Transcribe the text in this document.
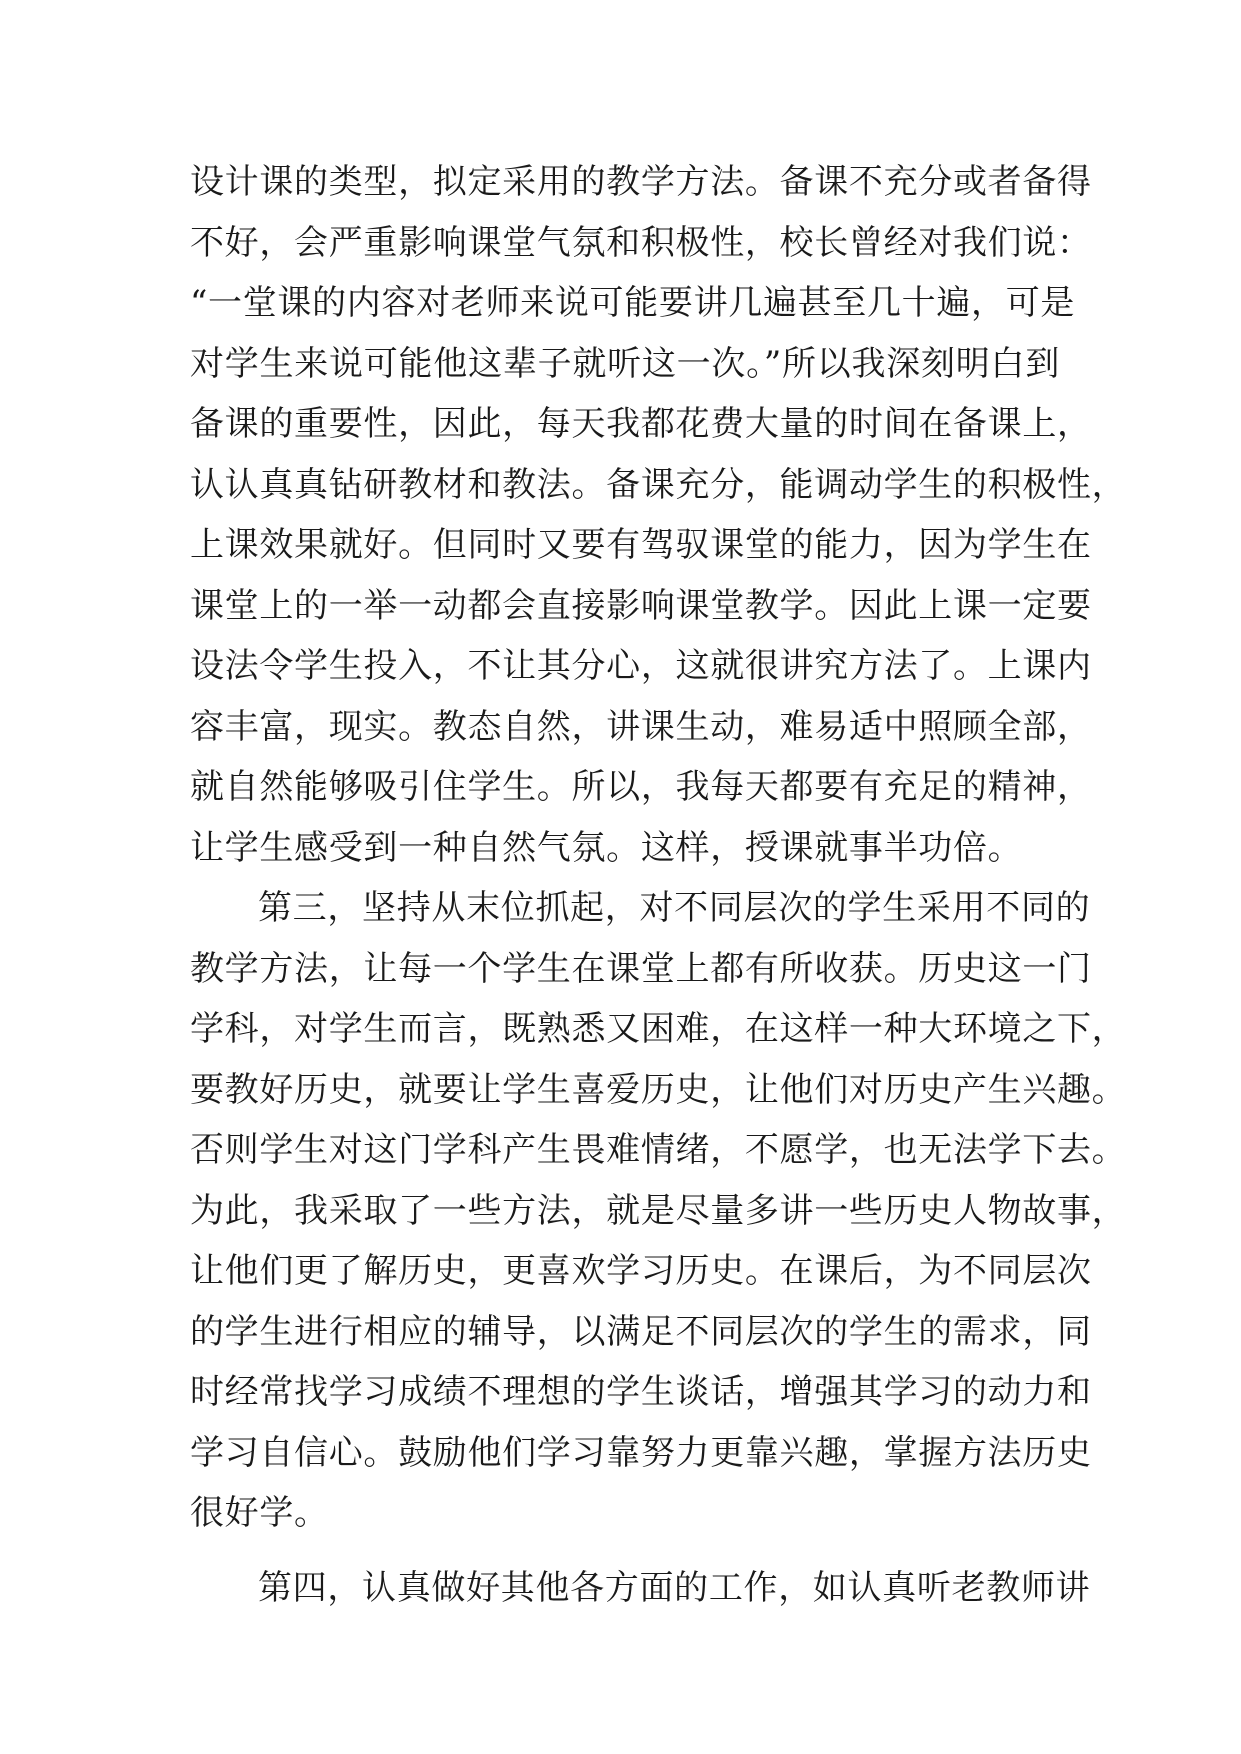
设计课的类型，拟定采用的教学方法。备课不充分或者备得
不好，会严重影响课堂气氛和积极性，校长曾经对我们说：
“一堂课的内容对老师来说可能要讲几遍甚至几十遍，可是
对学生来说可能他这辈子就听这一次。”所以我深刻明白到
备课的重要性，因此，每天我都花费大量的时间在备课上，
认认真真钻研教材和教法。备课充分，能调动学生的积极性，
上课效果就好。但同时又要有驾驭课堂的能力，因为学生在
课堂上的一举一动都会直接影响课堂教学。因此上课一定要
设法令学生投入，不让其分心，这就很讲究方法了。上课内
容丰富，现实。教态自然，讲课生动，难易适中照顾全部，
就自然能够吸引住学生。所以，我每天都要有充足的精神，
让学生感受到一种自然气氛。这样，授课就事半功倍。
第三，坚持从末位抓起，对不同层次的学生采用不同的
教学方法，让每一个学生在课堂上都有所收获。历史这一门
学科，对学生而言，既熟悉又困难，在这样一种大环境之下，
要教好历史，就要让学生喜爱历史，让他们对历史产生兴趣。
否则学生对这门学科产生畏难情绪，不愿学，也无法学下去。
为此，我采取了一些方法，就是尽量多讲一些历史人物故事，
让他们更了解历史，更喜欢学习历史。在课后，为不同层次
的学生进行相应的辅导，以满足不同层次的学生的需求，同
时经常找学习成绩不理想的学生谈话，增强其学习的动力和
学习自信心。鼓励他们学习靠努力更靠兴趣，掌握方法历史
很好学。
第四，认真做好其他各方面的工作，如认真听老教师讲
